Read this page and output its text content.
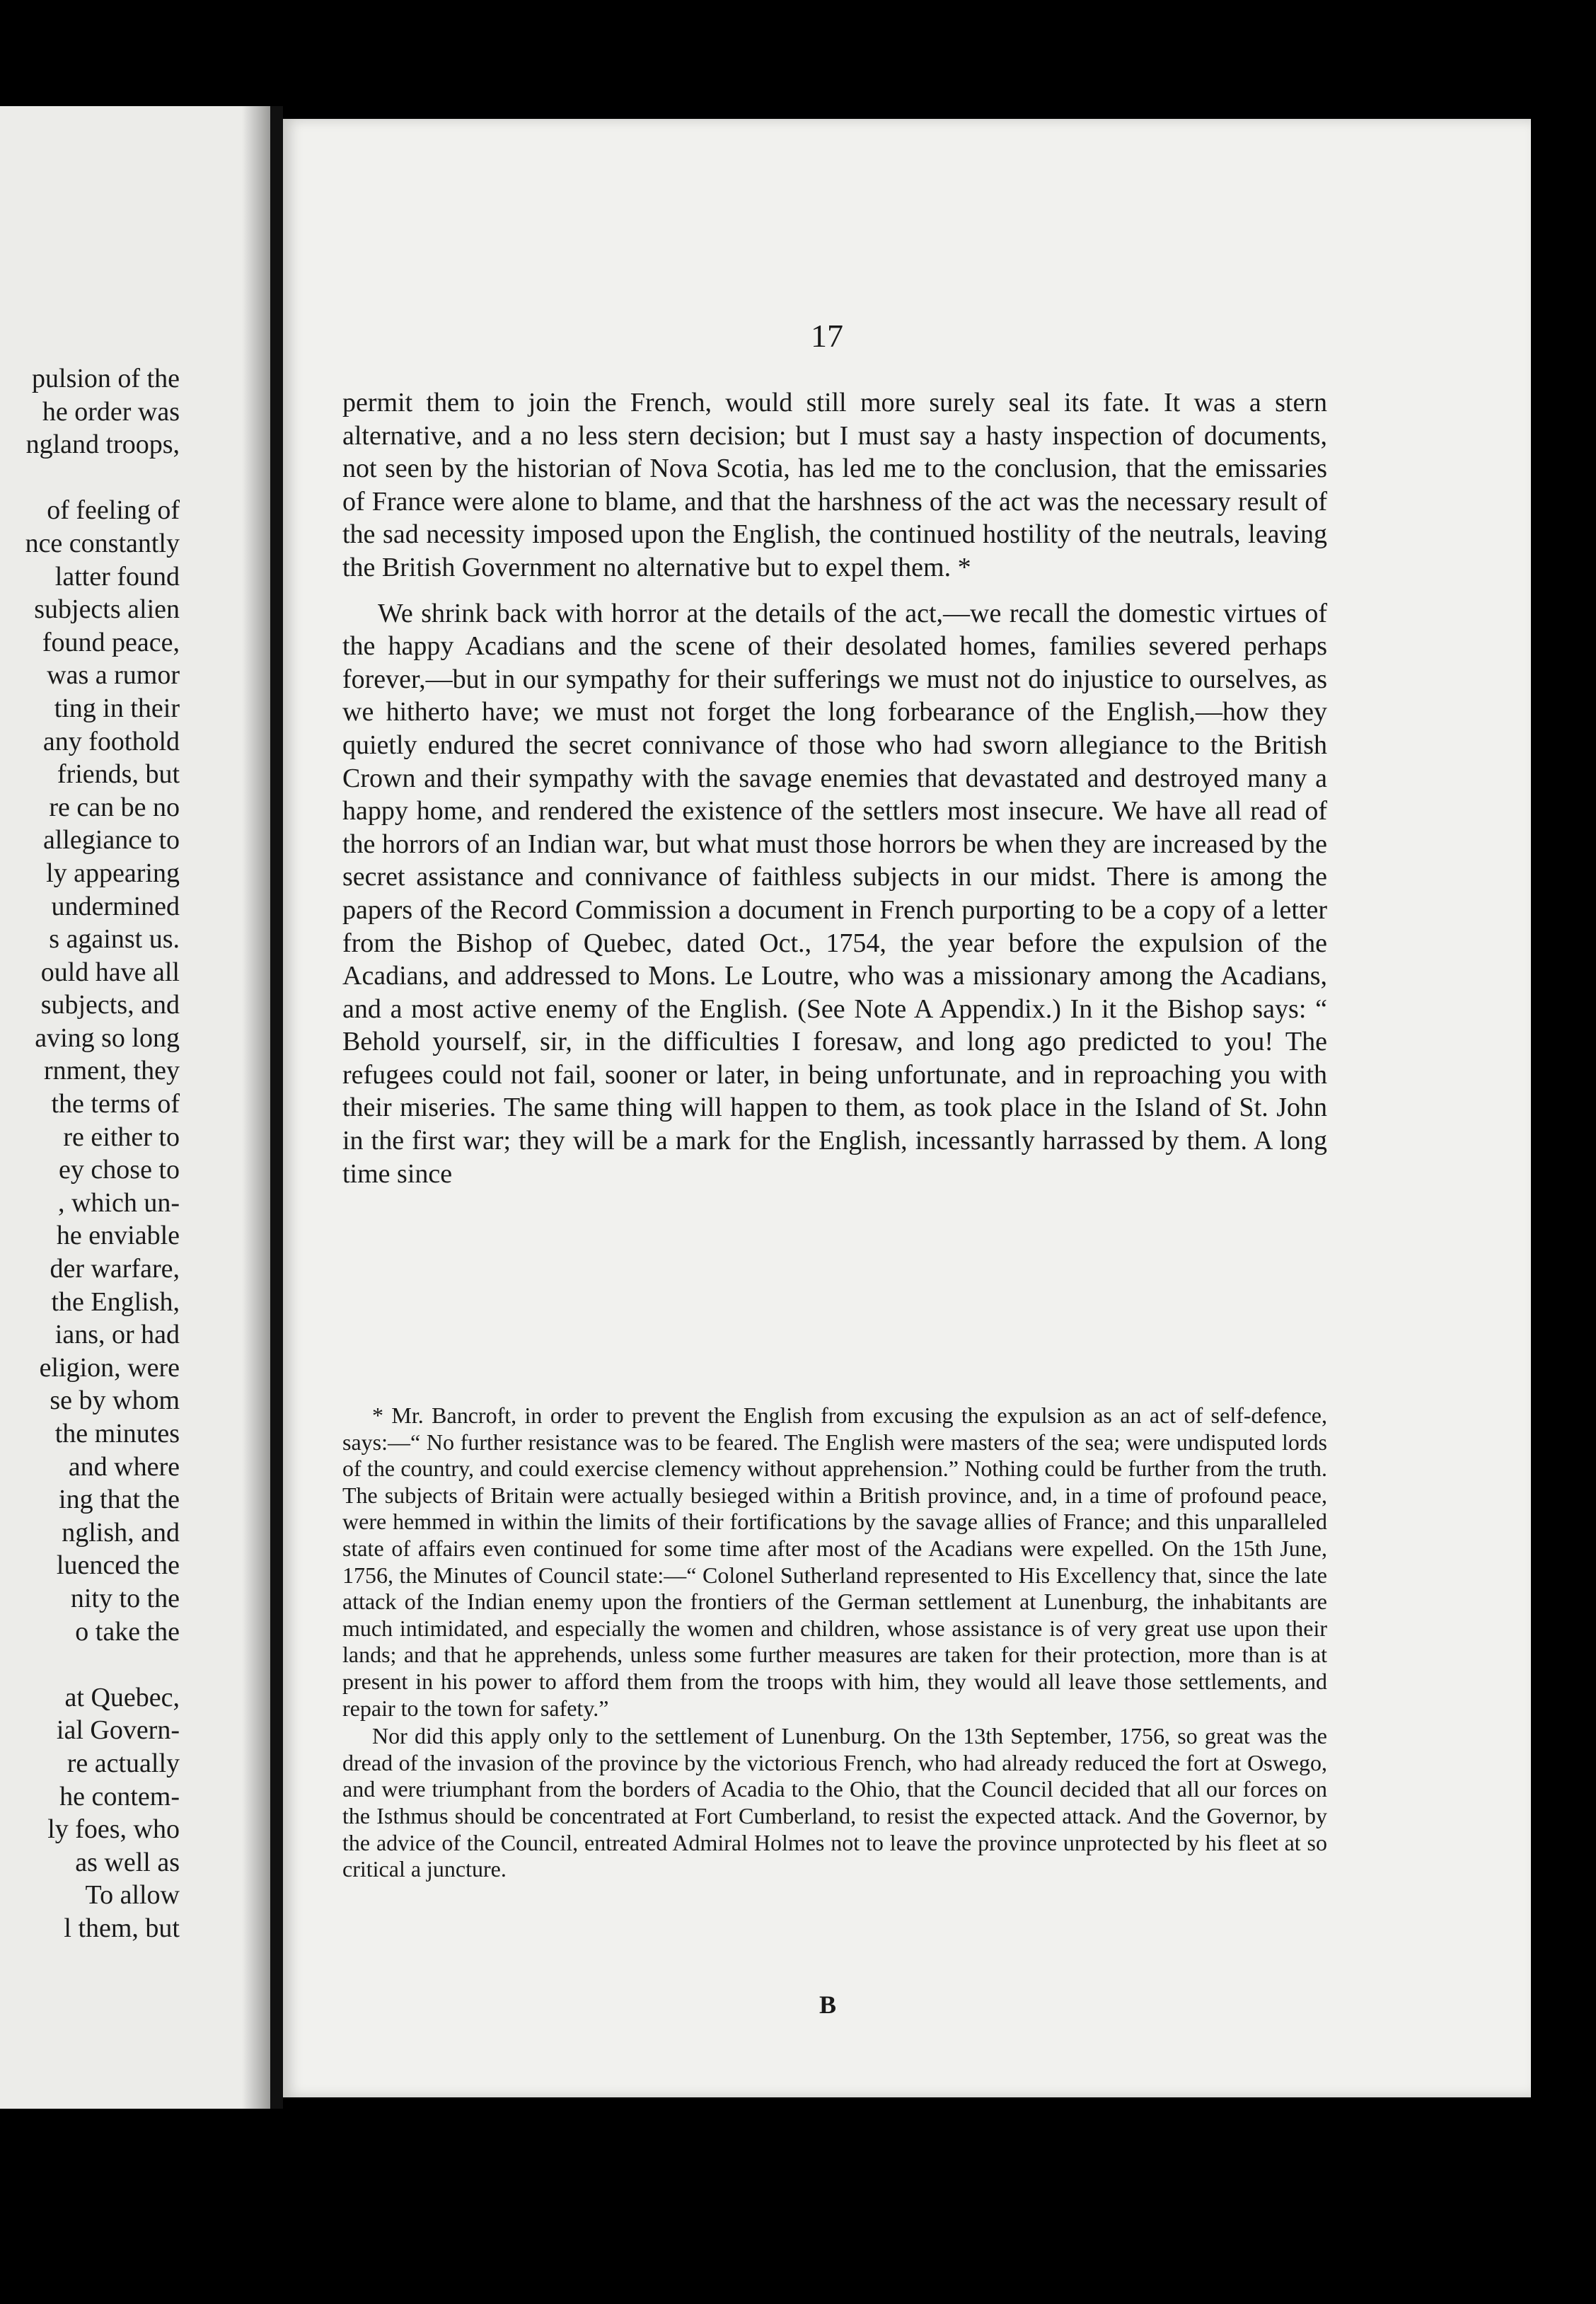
pulsion of the
he order was
ngland troops,
of feeling of
nce constantly
latter found
subjects alien
found peace,
was a rumor
ting in their
any foothold
friends, but
re can be no
allegiance to
ly appearing
undermined
s against us.
ould have all
subjects, and
aving so long
rnment, they
the terms of
re either to
ey chose to
, which un-
he enviable
der warfare,
the English,
ians, or had
eligion, were
se by whom
the minutes
and where
ing that the
nglish, and
luenced the
nity to the
o take the
at Quebec,
ial Govern-
re actually
he contem-
ly foes, who
as well as
To allow
l them, but
17

permit them to join the French, would still more surely seal its fate. It was a stern alternative, and a no less stern decision; but I must say a hasty inspection of documents, not seen by the historian of Nova Scotia, has led me to the conclusion, that the emissaries of France were alone to blame, and that the harshness of the act was the necessary result of the sad necessity imposed upon the English, the continued hostility of the neutrals, leaving the British Government no alternative but to expel them. *

We shrink back with horror at the details of the act,—we recall the domestic virtues of the happy Acadians and the scene of their desolated homes, families severed perhaps forever,—but in our sympathy for their sufferings we must not do injustice to ourselves, as we hitherto have; we must not forget the long forbearance of the English,—how they quietly endured the secret connivance of those who had sworn allegiance to the British Crown and their sympathy with the savage enemies that devastated and destroyed many a happy home, and rendered the existence of the settlers most insecure. We have all read of the horrors of an Indian war, but what must those horrors be when they are increased by the secret assistance and connivance of faithless subjects in our midst. There is among the papers of the Record Commission a document in French purporting to be a copy of a letter from the Bishop of Quebec, dated Oct., 1754, the year before the expulsion of the Acadians, and addressed to Mons. Le Loutre, who was a missionary among the Acadians, and a most active enemy of the English. (See Note A Appendix.) In it the Bishop says: “ Behold yourself, sir, in the difficulties I foresaw, and long ago predicted to you! The refugees could not fail, sooner or later, in being unfortunate, and in reproaching you with their miseries. The same thing will happen to them, as took place in the Island of St. John in the first war; they will be a mark for the English, incessantly harrassed by them. A long time since

* Mr. Bancroft, in order to prevent the English from excusing the expulsion as an act of self-defence, says:—“ No further resistance was to be feared. The English were masters of the sea; were undisputed lords of the country, and could exercise clemency without apprehension.” Nothing could be further from the truth. The subjects of Britain were actually besieged within a British province, and, in a time of profound peace, were hemmed in within the limits of their fortifications by the savage allies of France; and this unparalleled state of affairs even continued for some time after most of the Acadians were expelled. On the 15th June, 1756, the Minutes of Council state:—“ Colonel Sutherland represented to His Excellency that, since the late attack of the Indian enemy upon the frontiers of the German settlement at Lunenburg, the inhabitants are much intimidated, and especially the women and children, whose assistance is of very great use upon their lands; and that he apprehends, unless some further measures are taken for their protection, more than is at present in his power to afford them from the troops with him, they would all leave those settlements, and repair to the town for safety.”

Nor did this apply only to the settlement of Lunenburg. On the 13th September, 1756, so great was the dread of the invasion of the province by the victorious French, who had already reduced the fort at Oswego, and were triumphant from the borders of Acadia to the Ohio, that the Council decided that all our forces on the Isthmus should be concentrated at Fort Cumberland, to resist the expected attack. And the Governor, by the advice of the Council, entreated Admiral Holmes not to leave the province unprotected by his fleet at so critical a juncture.

B
